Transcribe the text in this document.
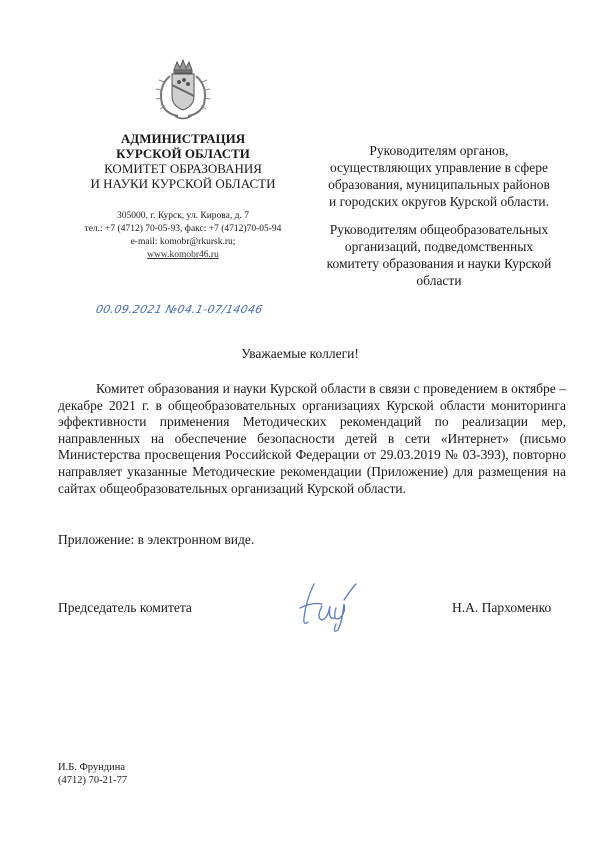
АДМИНИСТРАЦИЯ
КУРСКОЙ ОБЛАСТИ
КОМИТЕТ ОБРАЗОВАНИЯ
И НАУКИ КУРСКОЙ ОБЛАСТИ
305000, г. Курск, ул. Кирова, д. 7
тел.: +7 (4712) 70-05-93, факс: +7 (4712)70-05-94
e-mail: komobr@rkursk.ru;
www.komobr46.ru
Руководителям органов,
осуществляющих управление в сфере
образования, муниципальных районов
и городских округов Курской области.
Руководителям общеобразовательных
организаций, подведомственных
комитету образования и науки Курской
области
00.09.2021 №04.1-07/14046
Уважаемые коллеги!
Комитет образования и науки Курской области в связи с проведением в октябре – декабре 2021 г. в общеобразовательных организациях Курской области мониторинга эффективности применения Методических рекомендаций по реализации мер, направленных на обеспечение безопасности детей в сети «Интернет» (письмо Министерства просвещения Российской Федерации от 29.03.2019 № 03-393), повторно направляет указанные Методические рекомендации (Приложение) для размещения на сайтах общеобразовательных организаций Курской области.
Приложение: в электронном виде.
Председатель комитета	Н.А. Пархоменко
И.Б. Фрундина
(4712) 70-21-77
